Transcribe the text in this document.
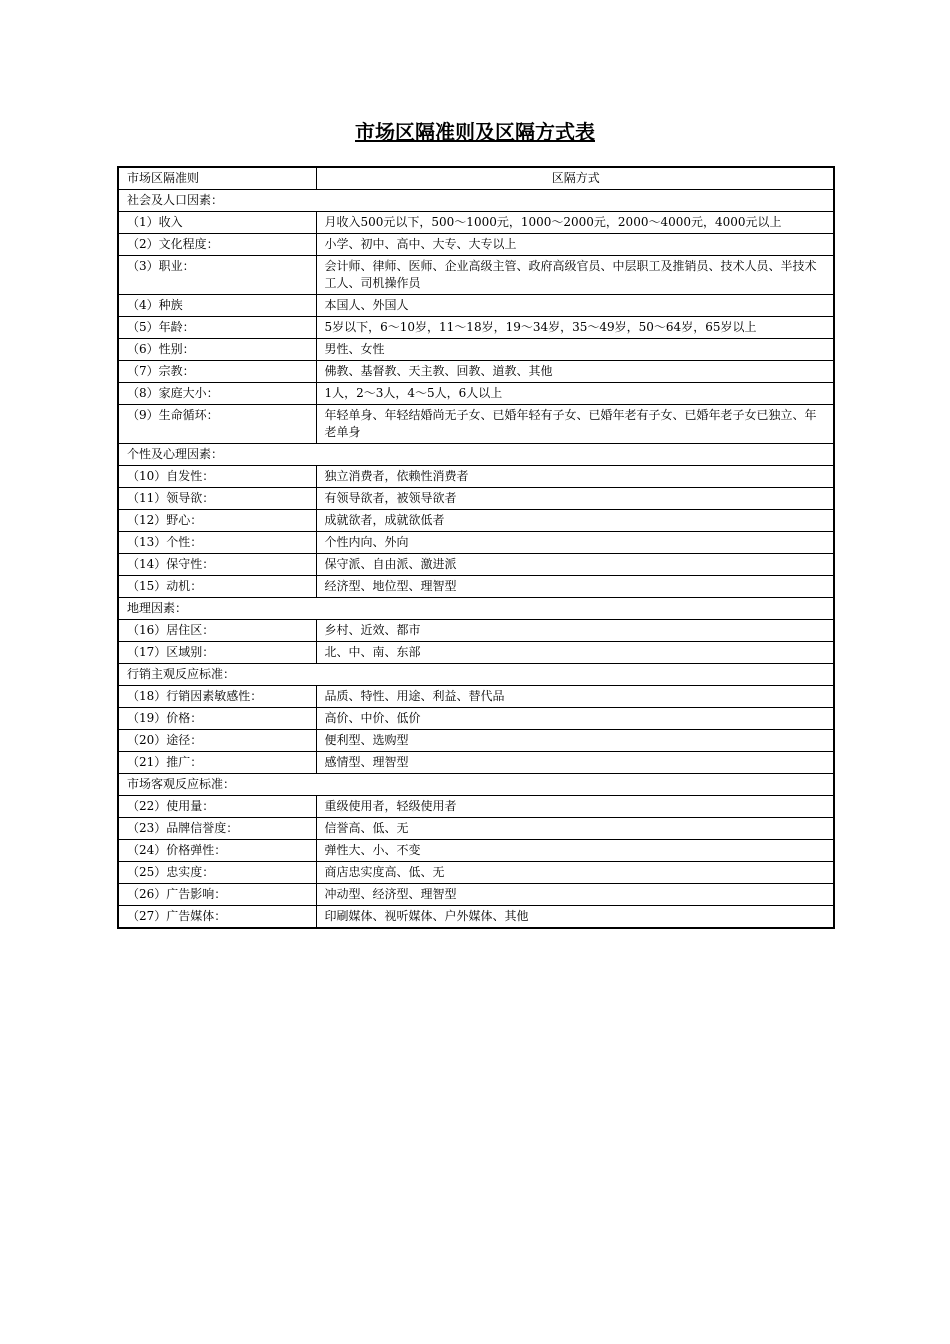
市场区隔准则及区隔方式表
市场区隔准则	区隔方式
社会及人口因素：	
（1）收入	月收入500元以下，500～1000元，1000～2000元，2000～4000元，4000元以上
（2）文化程度：	小学、初中、高中、大专、大专以上
（3）职业：	会计师、律师、医师、企业高级主管、政府高级官员、中层职工及推销员、技术人员、半技术工人、司机操作员
（4）种族	本国人、外国人
（5）年龄：	5岁以下，6～10岁，11～18岁，19～34岁，35～49岁，50～64岁，65岁以上
（6）性别：	男性、女性
（7）宗教：	佛教、基督教、天主教、回教、道教、其他
（8）家庭大小：	1人，2～3人，4～5人，6人以上
（9）生命循环：	年轻单身、年轻结婚尚无子女、已婚年轻有子女、已婚年老有子女、已婚年老子女已独立、年老单身
个性及心理因素：	
（10）自发性：	独立消费者，依赖性消费者
（11）领导欲：	有领导欲者，被领导欲者
（12）野心：	成就欲者，成就欲低者
（13）个性：	个性内向、外向
（14）保守性：	保守派、自由派、激进派
（15）动机：	经济型、地位型、理智型
地理因素：	
（16）居住区：	乡村、近效、都市
（17）区域别：	北、中、南、东部
行销主观反应标准：	
（18）行销因素敏感性：	品质、特性、用途、利益、替代品
（19）价格：	高价、中价、低价
（20）途径：	便利型、选购型
（21）推广：	感情型、理智型
市场客观反应标准：	
（22）使用量：	重级使用者，轻级使用者
（23）品牌信誉度：	信誉高、低、无
（24）价格弹性：	弹性大、小、不变
（25）忠实度：	商店忠实度高、低、无
（26）广告影响：	冲动型、经济型、理智型
（27）广告媒体：	印刷媒体、视听媒体、户外媒体、其他
